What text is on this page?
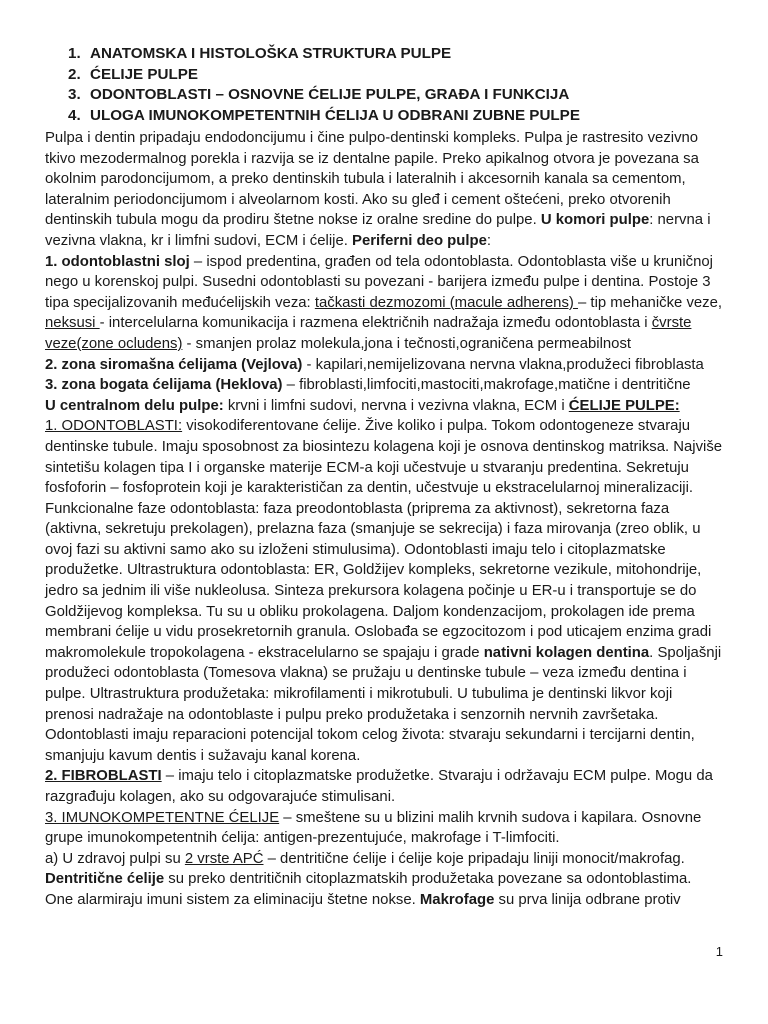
1. ANATOMSKA I HISTOLOŠKA STRUKTURA PULPE
2. ĆELIJE PULPE
3. ODONTOBLASTI – OSNOVNE ĆELIJE PULPE, GRAĐA I FUNKCIJA
4. ULOGA IMUNOKOMPETENTNIH ĆELIJA U ODBRANI ZUBNE PULPE
Pulpa i dentin pripadaju endodoncijumu i čine pulpo-dentinski kompleks. Pulpa je rastresito vezivno
tkivo mezodermalnog porekla i razvija se iz dentalne papile. Preko apikalnog otvora je povezana sa
okolnim parodoncijumom, a preko dentinskih tubula i lateralnih i akcesornih kanala sa cementom,
lateralnim periodoncijumom i alveolarnom kosti. Ako su gleđ i cement oštećeni, preko otvorenih
dentinskih tubula mogu da prodiru štetne nokse iz oralne sredine do pulpe. U komori pulpe: nervna i
vezivna vlakna, kr i limfni sudovi, ECM i ćelije. Periferni deo pulpe:
1. odontoblastni sloj – ispod predentina, građen od tela odontoblasta. Odontoblasta više u kruničnoj
nego u korenskoj pulpi. Susedni odontoblasti su povezani - barijera između pulpe i dentina. Postoje 3
tipa specijalizovanih međućelijskih veza: tačkasti dezmozomi (macule adherens) – tip mehaničke veze,
neksusi - intercelularna komunikacija i razmena električnih nadražaja između odontoblasta i čvrste
veze(zone ocludens) - smanjen prolaz molekula,jona i tečnosti,ograničena permeabilnost
2. zona siromašna ćelijama (Vejlova) - kapilari,nemijelizovana nervna vlakna,produžeci fibroblasta
3. zona bogata ćelijama (Heklova) – fibroblasti,limfociti,mastociti,makrofage,matične i dentritične
U centralnom delu pulpe: krvni i limfni sudovi, nervna i vezivna vlakna, ECM i ĆELIJE PULPE:
1. ODONTOBLASTI: visokodiferentovane ćelije. Žive koliko i pulpa. Tokom odontogeneze stvaraju
dentinske tubule. Imaju sposobnost za biosintezu kolagena koji je osnova dentinskog matriksa. Najviše
sintetišu kolagen tipa I i organske materije ECM-a koji učestvuje u stvaranju predentina. Sekretuju
fosfoforin – fosfoprotein koji je karakterističan za dentin, učestvuje u ekstracelularnoj mineralizaciji.
Funkcionalne faze odontoblasta: faza preodontoblasta (pripremа za aktivnost), sekretorna faza
(aktivna, sekretuju prekolagen), prelazna faza (smanjuje se sekrecija) i faza mirovanja (zreo oblik, u
ovoj fazi su aktivni samo ako su izloženi stimulusima). Odontoblasti imaju telo i citoplazmatske
produžetke. Ultrastruktura odontoblasta: ER, Goldžijev kompleks, sekretorne vezikule, mitohondrije,
jedro sa jednim ili više nukleolusa. Sinteza prekursora kolagena počinje u ER-u i transportuje se do
Goldžijevog kompleksa. Tu su u obliku prokolagena. Daljom kondenzacijom, prokolagen ide prema
membrani ćelije u vidu prosekretornih granula. Oslobađa se egzocitozom i pod uticajem enzima gradi
makromolekule tropokolagena - ekstracelularno se spajaju i grade nativni kolagen dentina. Spoljašnji
produžeci odontoblasta (Tomesova vlakna) se pružaju u dentinske tubule – veza između dentina i
pulpe. Ultrastruktura produžetaka: mikrofilamenti i mikrotubuli. U tubulima je dentinski likvor koji
prenosi nadražaje na odontoblaste i pulpu preko produžetaka i senzornih nervnih završetaka.
Odontoblasti imaju reparacioni potencijal tokom celog života: stvaraju sekundarni i tercijarni dentin,
smanjuju kavum dentis i sužavaju kanal korena.
2. FIBROBLASTI – imaju telo i citoplazmatske produžetke. Stvaraju i održavaju ECM pulpe. Mogu da
razgrađuju kolagen, ako su odgovarajuće stimulisani.
3. IMUNOKOMPETENTNE ĆELIJE – smeštene su u blizini malih krvnih sudova i kapilara. Osnovne
grupe imunokompetentnih ćelija: antigen-prezentujuće, makrofage i T-limfociti.
a) U zdravoj pulpi su 2 vrste APĆ – dentritične ćelije i ćelije koje pripadaju liniji monocit/makrofag.
Dentritične ćelije su preko dentritičnih citoplazmatskih produžetaka povezane sa odontoblastima.
One alarmiraju imuni sistem za eliminaciju štetne nokse. Makrofage su prva linija odbrane protiv
1
